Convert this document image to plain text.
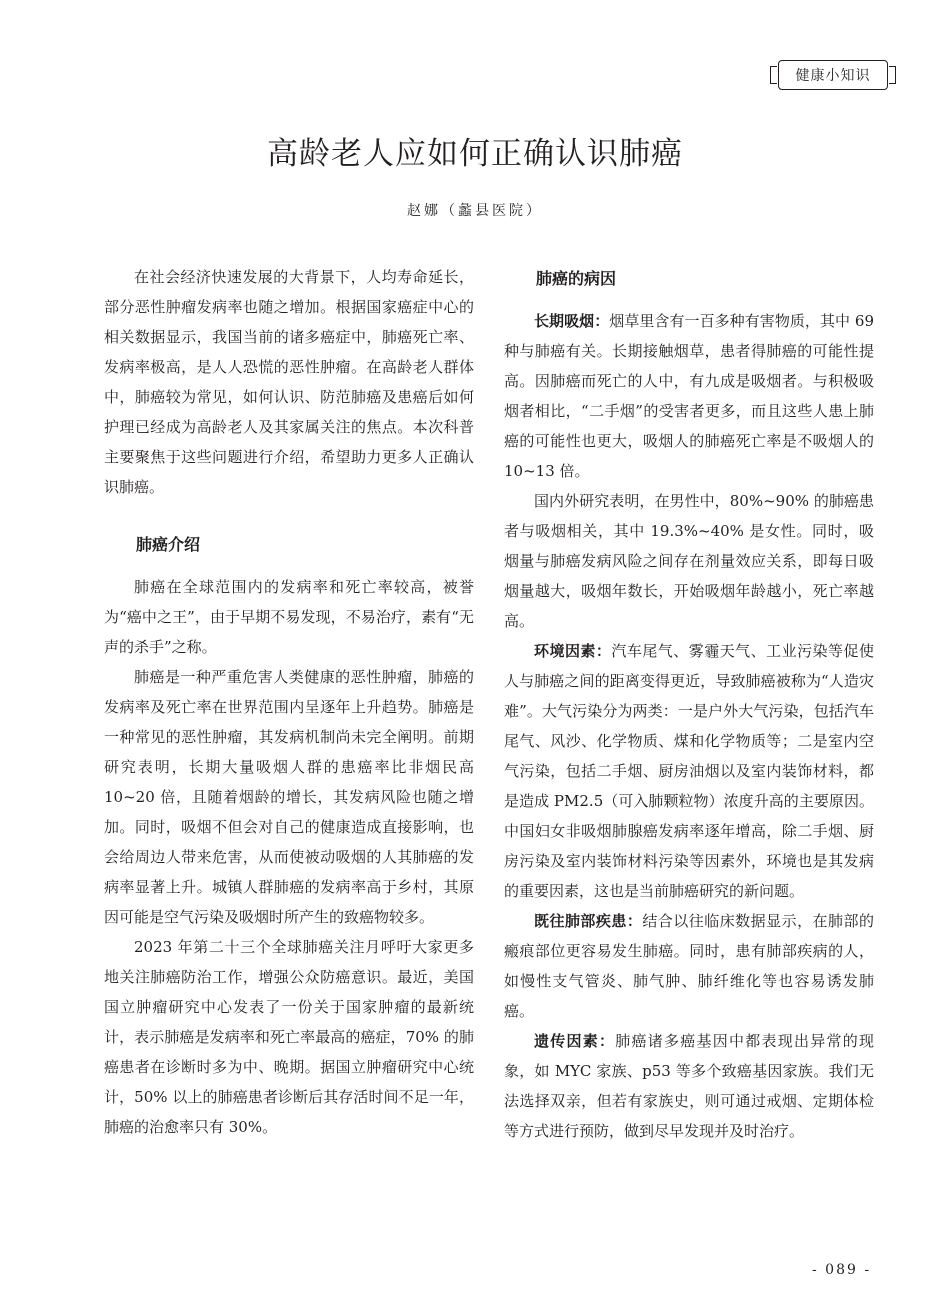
健康小知识
高龄老人应如何正确认识肺癌
赵娜（蠡县医院）

在社会经济快速发展的大背景下，人均寿命延长，部分恶性肿瘤发病率也随之增加。根据国家癌症中心的相关数据显示，我国当前的诸多癌症中，肺癌死亡率、发病率极高，是人人恐慌的恶性肿瘤。在高龄老人群体中，肺癌较为常见，如何认识、防范肺癌及患癌后如何护理已经成为高龄老人及其家属关注的焦点。本次科普主要聚焦于这些问题进行介绍，希望助力更多人正确认识肺癌。

肺癌介绍

肺癌在全球范围内的发病率和死亡率较高，被誉为“癌中之王”，由于早期不易发现，不易治疗，素有“无声的杀手”之称。

肺癌是一种严重危害人类健康的恶性肿瘤，肺癌的发病率及死亡率在世界范围内呈逐年上升趋势。肺癌是一种常见的恶性肿瘤，其发病机制尚未完全阐明。前期研究表明，长期大量吸烟人群的患癌率比非烟民高 10~20 倍，且随着烟龄的增长，其发病风险也随之增加。同时，吸烟不但会对自己的健康造成直接影响，也会给周边人带来危害，从而使被动吸烟的人其肺癌的发病率显著上升。城镇人群肺癌的发病率高于乡村，其原因可能是空气污染及吸烟时所产生的致癌物较多。

2023 年第二十三个全球肺癌关注月呼吁大家更多地关注肺癌防治工作，增强公众防癌意识。最近，美国国立肿瘤研究中心发表了一份关于国家肿瘤的最新统计，表示肺癌是发病率和死亡率最高的癌症，70% 的肺癌患者在诊断时多为中、晚期。据国立肿瘤研究中心统计，50% 以上的肺癌患者诊断后其存活时间不足一年，肺癌的治愈率只有 30%。

肺癌的病因

长期吸烟：烟草里含有一百多种有害物质，其中 69 种与肺癌有关。长期接触烟草，患者得肺癌的可能性提高。因肺癌而死亡的人中，有九成是吸烟者。与积极吸烟者相比，“二手烟”的受害者更多，而且这些人患上肺癌的可能性也更大，吸烟人的肺癌死亡率是不吸烟人的 10~13 倍。

国内外研究表明，在男性中，80%~90% 的肺癌患者与吸烟相关，其中 19.3%~40% 是女性。同时，吸烟量与肺癌发病风险之间存在剂量效应关系，即每日吸烟量越大，吸烟年数长，开始吸烟年龄越小，死亡率越高。

环境因素：汽车尾气、雾霾天气、工业污染等促使人与肺癌之间的距离变得更近，导致肺癌被称为“人造灾难”。大气污染分为两类：一是户外大气污染，包括汽车尾气、风沙、化学物质、煤和化学物质等；二是室内空气污染，包括二手烟、厨房油烟以及室内装饰材料，都是造成 PM2.5（可入肺颗粒物）浓度升高的主要原因。中国妇女非吸烟肺腺癌发病率逐年增高，除二手烟、厨房污染及室内装饰材料污染等因素外，环境也是其发病的重要因素，这也是当前肺癌研究的新问题。

既往肺部疾患：结合以往临床数据显示，在肺部的瘢痕部位更容易发生肺癌。同时，患有肺部疾病的人，如慢性支气管炎、肺气肿、肺纤维化等也容易诱发肺癌。

遗传因素：肺癌诸多癌基因中都表现出异常的现象，如 MYC 家族、p53 等多个致癌基因家族。我们无法选择双亲，但若有家族史，则可通过戒烟、定期体检等方式进行预防，做到尽早发现并及时治疗。

- 089 -
